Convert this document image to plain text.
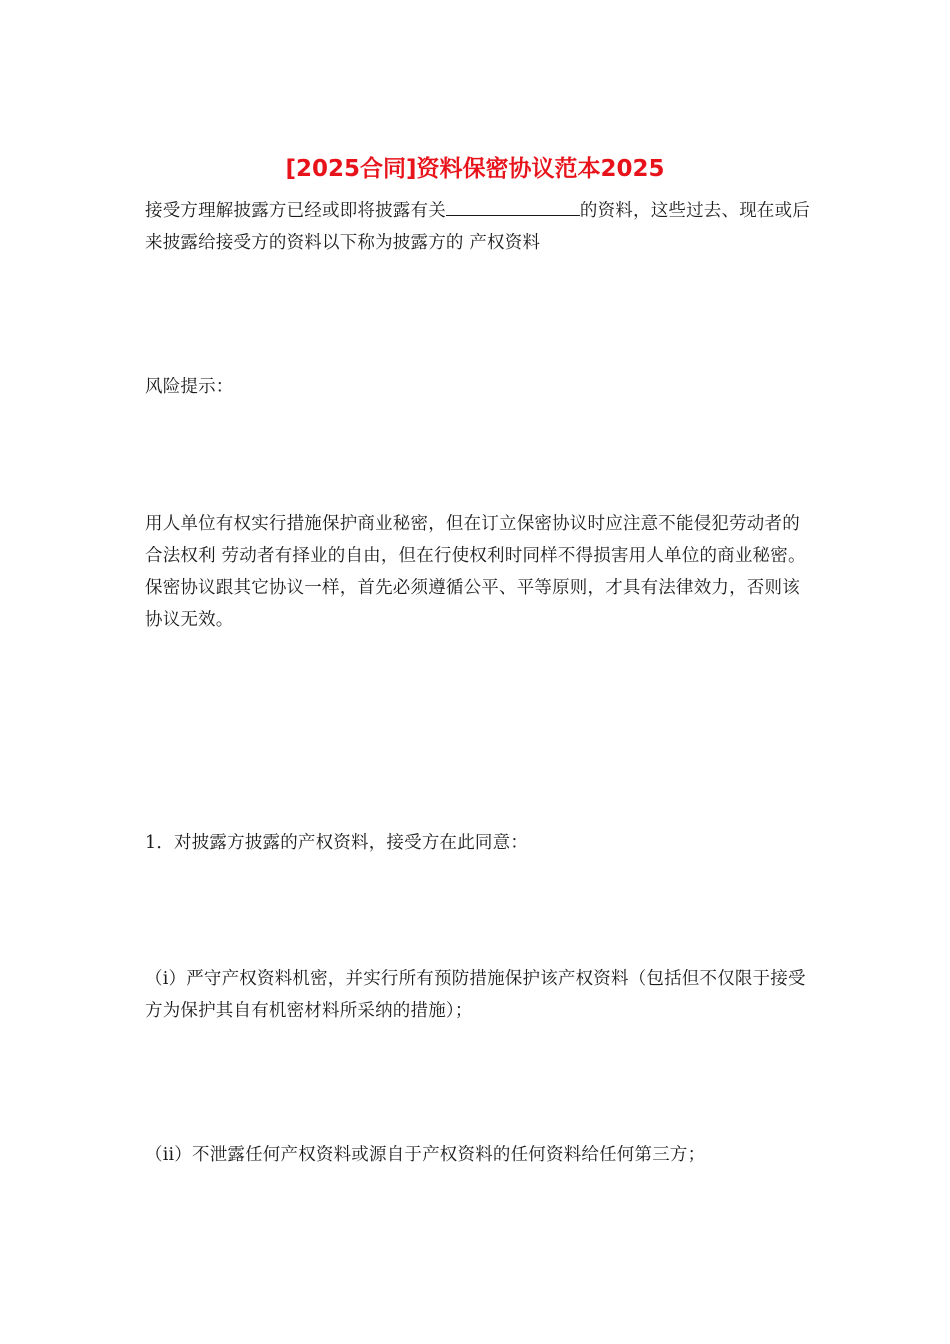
[2025合同]资料保密协议范本2025

接受方理解披露方已经或即将披露有关	的资料，这些过去、现在或后来披露给接受方的资料以下称为披露方的 产权资料

风险提示：

用人单位有权实行措施保护商业秘密，但在订立保密协议时应注意不能侵犯劳动者的合法权利 劳动者有择业的自由，但在行使权利时同样不得损害用人单位的商业秘密。保密协议跟其它协议一样，首先必须遵循公平、平等原则，才具有法律效力，否则该协议无效。

1．对披露方披露的产权资料，接受方在此同意：

（i）严守产权资料机密，并实行所有预防措施保护该产权资料（包括但不仅限于接受方为保护其自有机密材料所采纳的措施）；

（ii）不泄露任何产权资料或源自于产权资料的任何资料给任何第三方；
